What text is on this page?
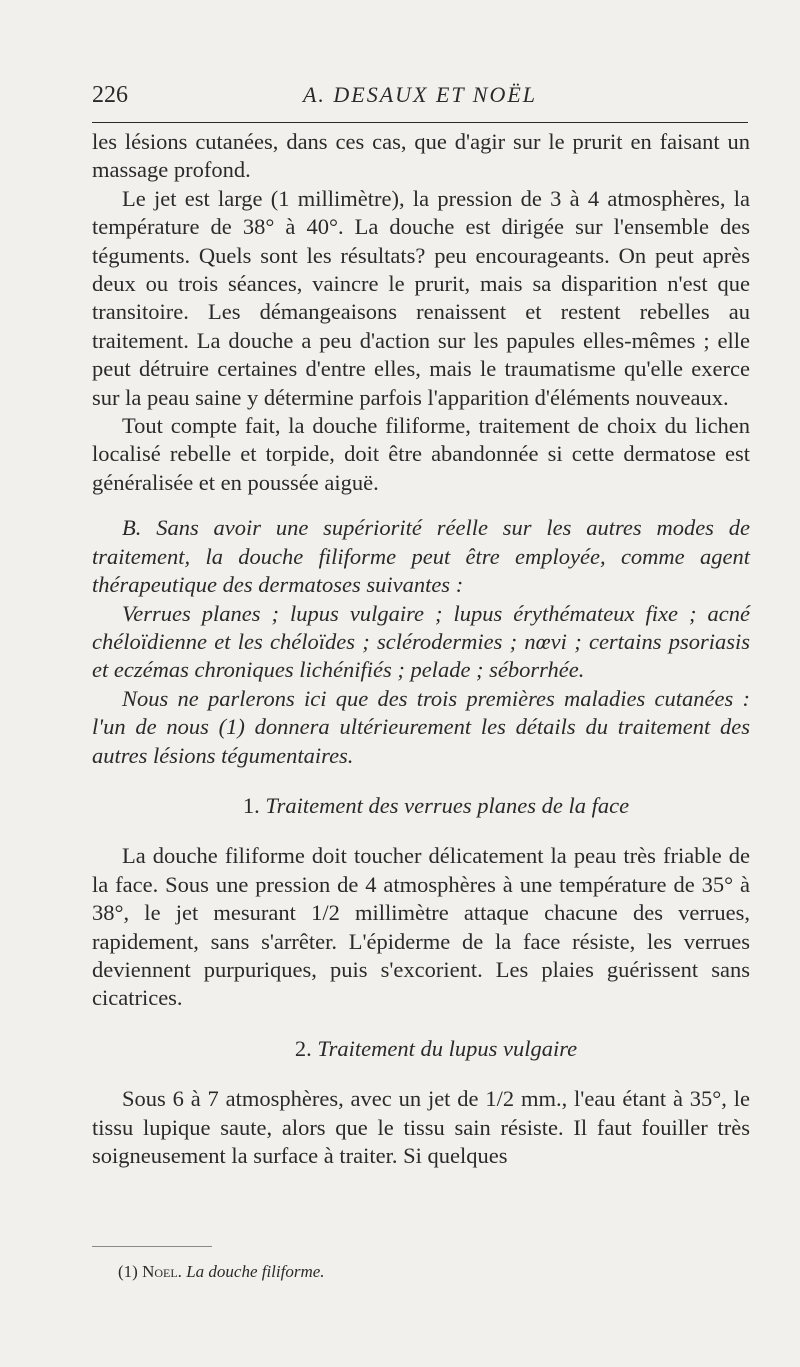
226	A. DESAUX ET NOËL

les lésions cutanées, dans ces cas, que d'agir sur le prurit en faisant un massage profond.

Le jet est large (1 millimètre), la pression de 3 à 4 atmosphères, la température de 38° à 40°. La douche est dirigée sur l'ensemble des téguments. Quels sont les résultats? peu encourageants. On peut après deux ou trois séances, vaincre le prurit, mais sa disparition n'est que transitoire. Les démangeaisons renaissent et restent rebelles au traitement. La douche a peu d'action sur les papules elles-mêmes ; elle peut détruire certaines d'entre elles, mais le traumatisme qu'elle exerce sur la peau saine y détermine parfois l'apparition d'éléments nouveaux.

Tout compte fait, la douche filiforme, traitement de choix du lichen localisé rebelle et torpide, doit être abandonnée si cette dermatose est généralisée et en poussée aiguë.

B. Sans avoir une supériorité réelle sur les autres modes de traitement, la douche filiforme peut être employée, comme agent thérapeutique des dermatoses suivantes :

Verrues planes ; lupus vulgaire ; lupus érythémateux fixe ; acné chéloïdienne et les chéloïdes ; sclérodermies ; nœvi ; certains psoriasis et eczémas chroniques lichénifiés ; pelade ; séborrhée.

Nous ne parlerons ici que des trois premières maladies cutanées : l'un de nous (1) donnera ultérieurement les détails du traitement des autres lésions tégumentaires.

1. Traitement des verrues planes de la face

La douche filiforme doit toucher délicatement la peau très friable de la face. Sous une pression de 4 atmosphères à une température de 35° à 38°, le jet mesurant 1/2 millimètre attaque chacune des verrues, rapidement, sans s'arrêter. L'épiderme de la face résiste, les verrues deviennent purpuriques, puis s'excorient. Les plaies guérissent sans cicatrices.

2. Traitement du lupus vulgaire

Sous 6 à 7 atmosphères, avec un jet de 1/2 mm., l'eau étant à 35°, le tissu lupique saute, alors que le tissu sain résiste. Il faut fouiller très soigneusement la surface à traiter. Si quelques

(1) Noel. La douche filiforme.
